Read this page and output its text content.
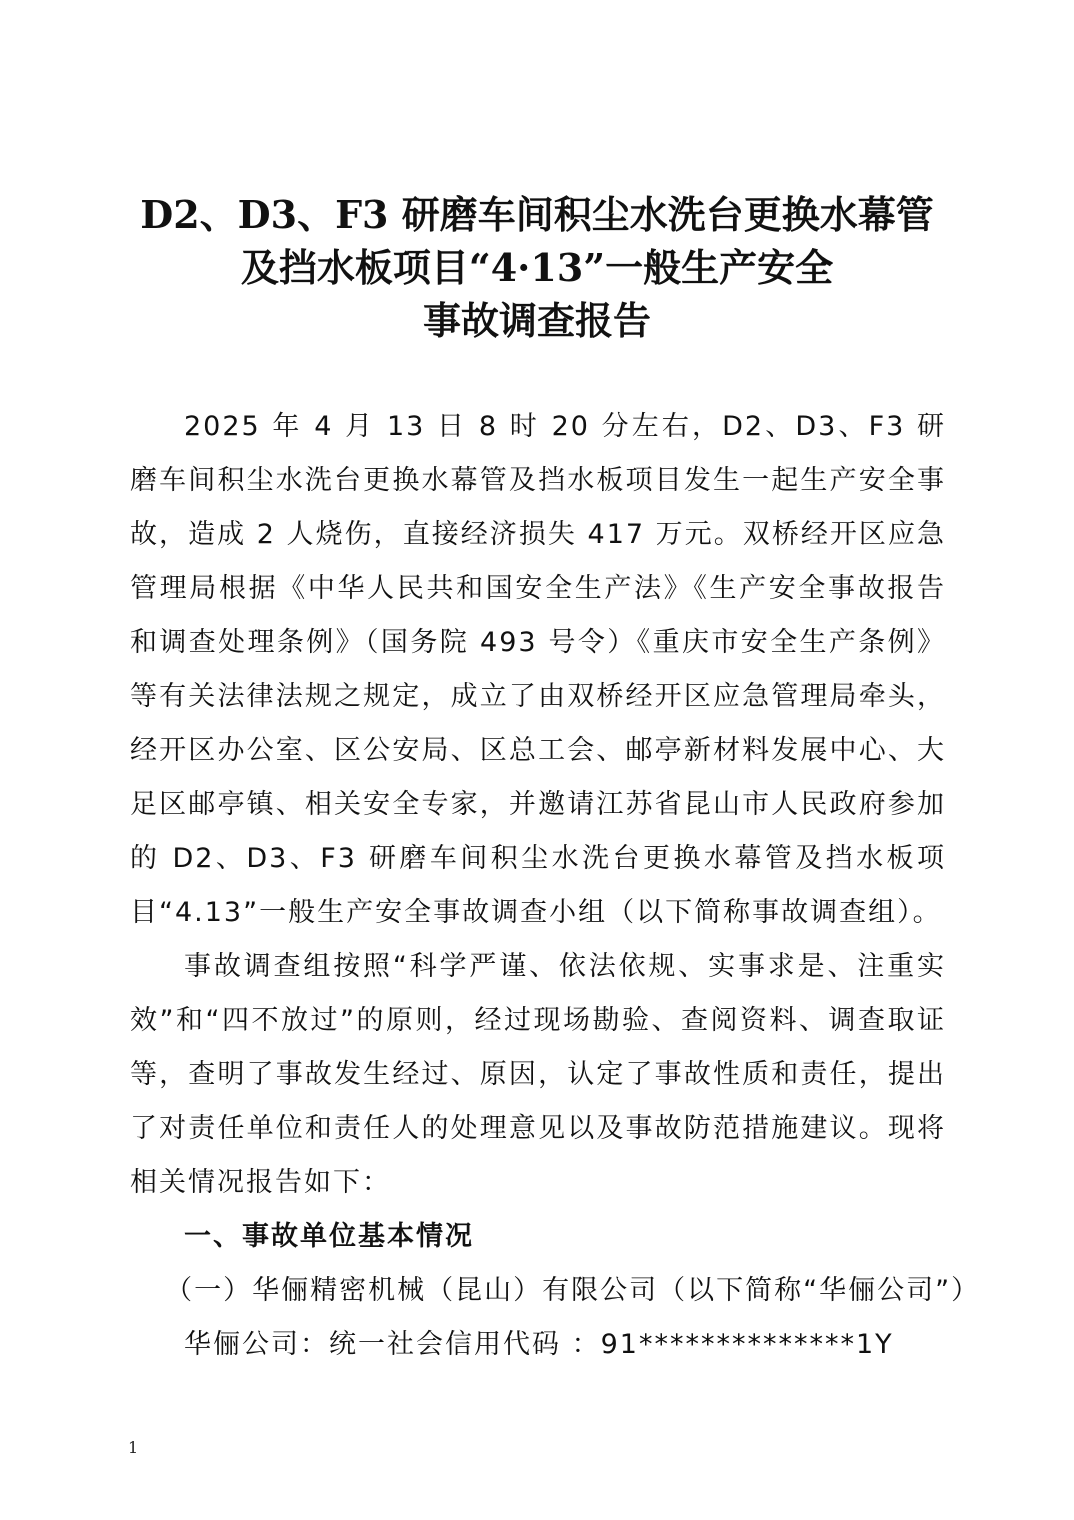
D2、D3、F3 研磨车间积尘水洗台更换水幕管
及挡水板项目“4·13”一般生产安全
事故调查报告

2025 年 4 月 13 日 8 时 20 分左右，D2、D3、F3 研磨车间积尘水洗台更换水幕管及挡水板项目发生一起生产安全事故，造成 2 人烧伤，直接经济损失 417 万元。双桥经开区应急管理局根据《中华人民共和国安全生产法》《生产安全事故报告和调查处理条例》（国务院 493 号令）《重庆市安全生产条例》等有关法律法规之规定，成立了由双桥经开区应急管理局牵头，经开区办公室、区公安局、区总工会、邮亭新材料发展中心、大足区邮亭镇、相关安全专家，并邀请江苏省昆山市人民政府参加的 D2、D3、F3 研磨车间积尘水洗台更换水幕管及挡水板项目“4.13”一般生产安全事故调查小组（以下简称事故调查组）。

事故调查组按照“科学严谨、依法依规、实事求是、注重实效”和“四不放过”的原则，经过现场勘验、查阅资料、调查取证等，查明了事故发生经过、原因，认定了事故性质和责任，提出了对责任单位和责任人的处理意见以及事故防范措施建议。现将相关情况报告如下：

一、事故单位基本情况

（一）华俪精密机械（昆山）有限公司（以下简称“华俪公司”）

华俪公司：统一社会信用代码 ：91**************1Y

1
